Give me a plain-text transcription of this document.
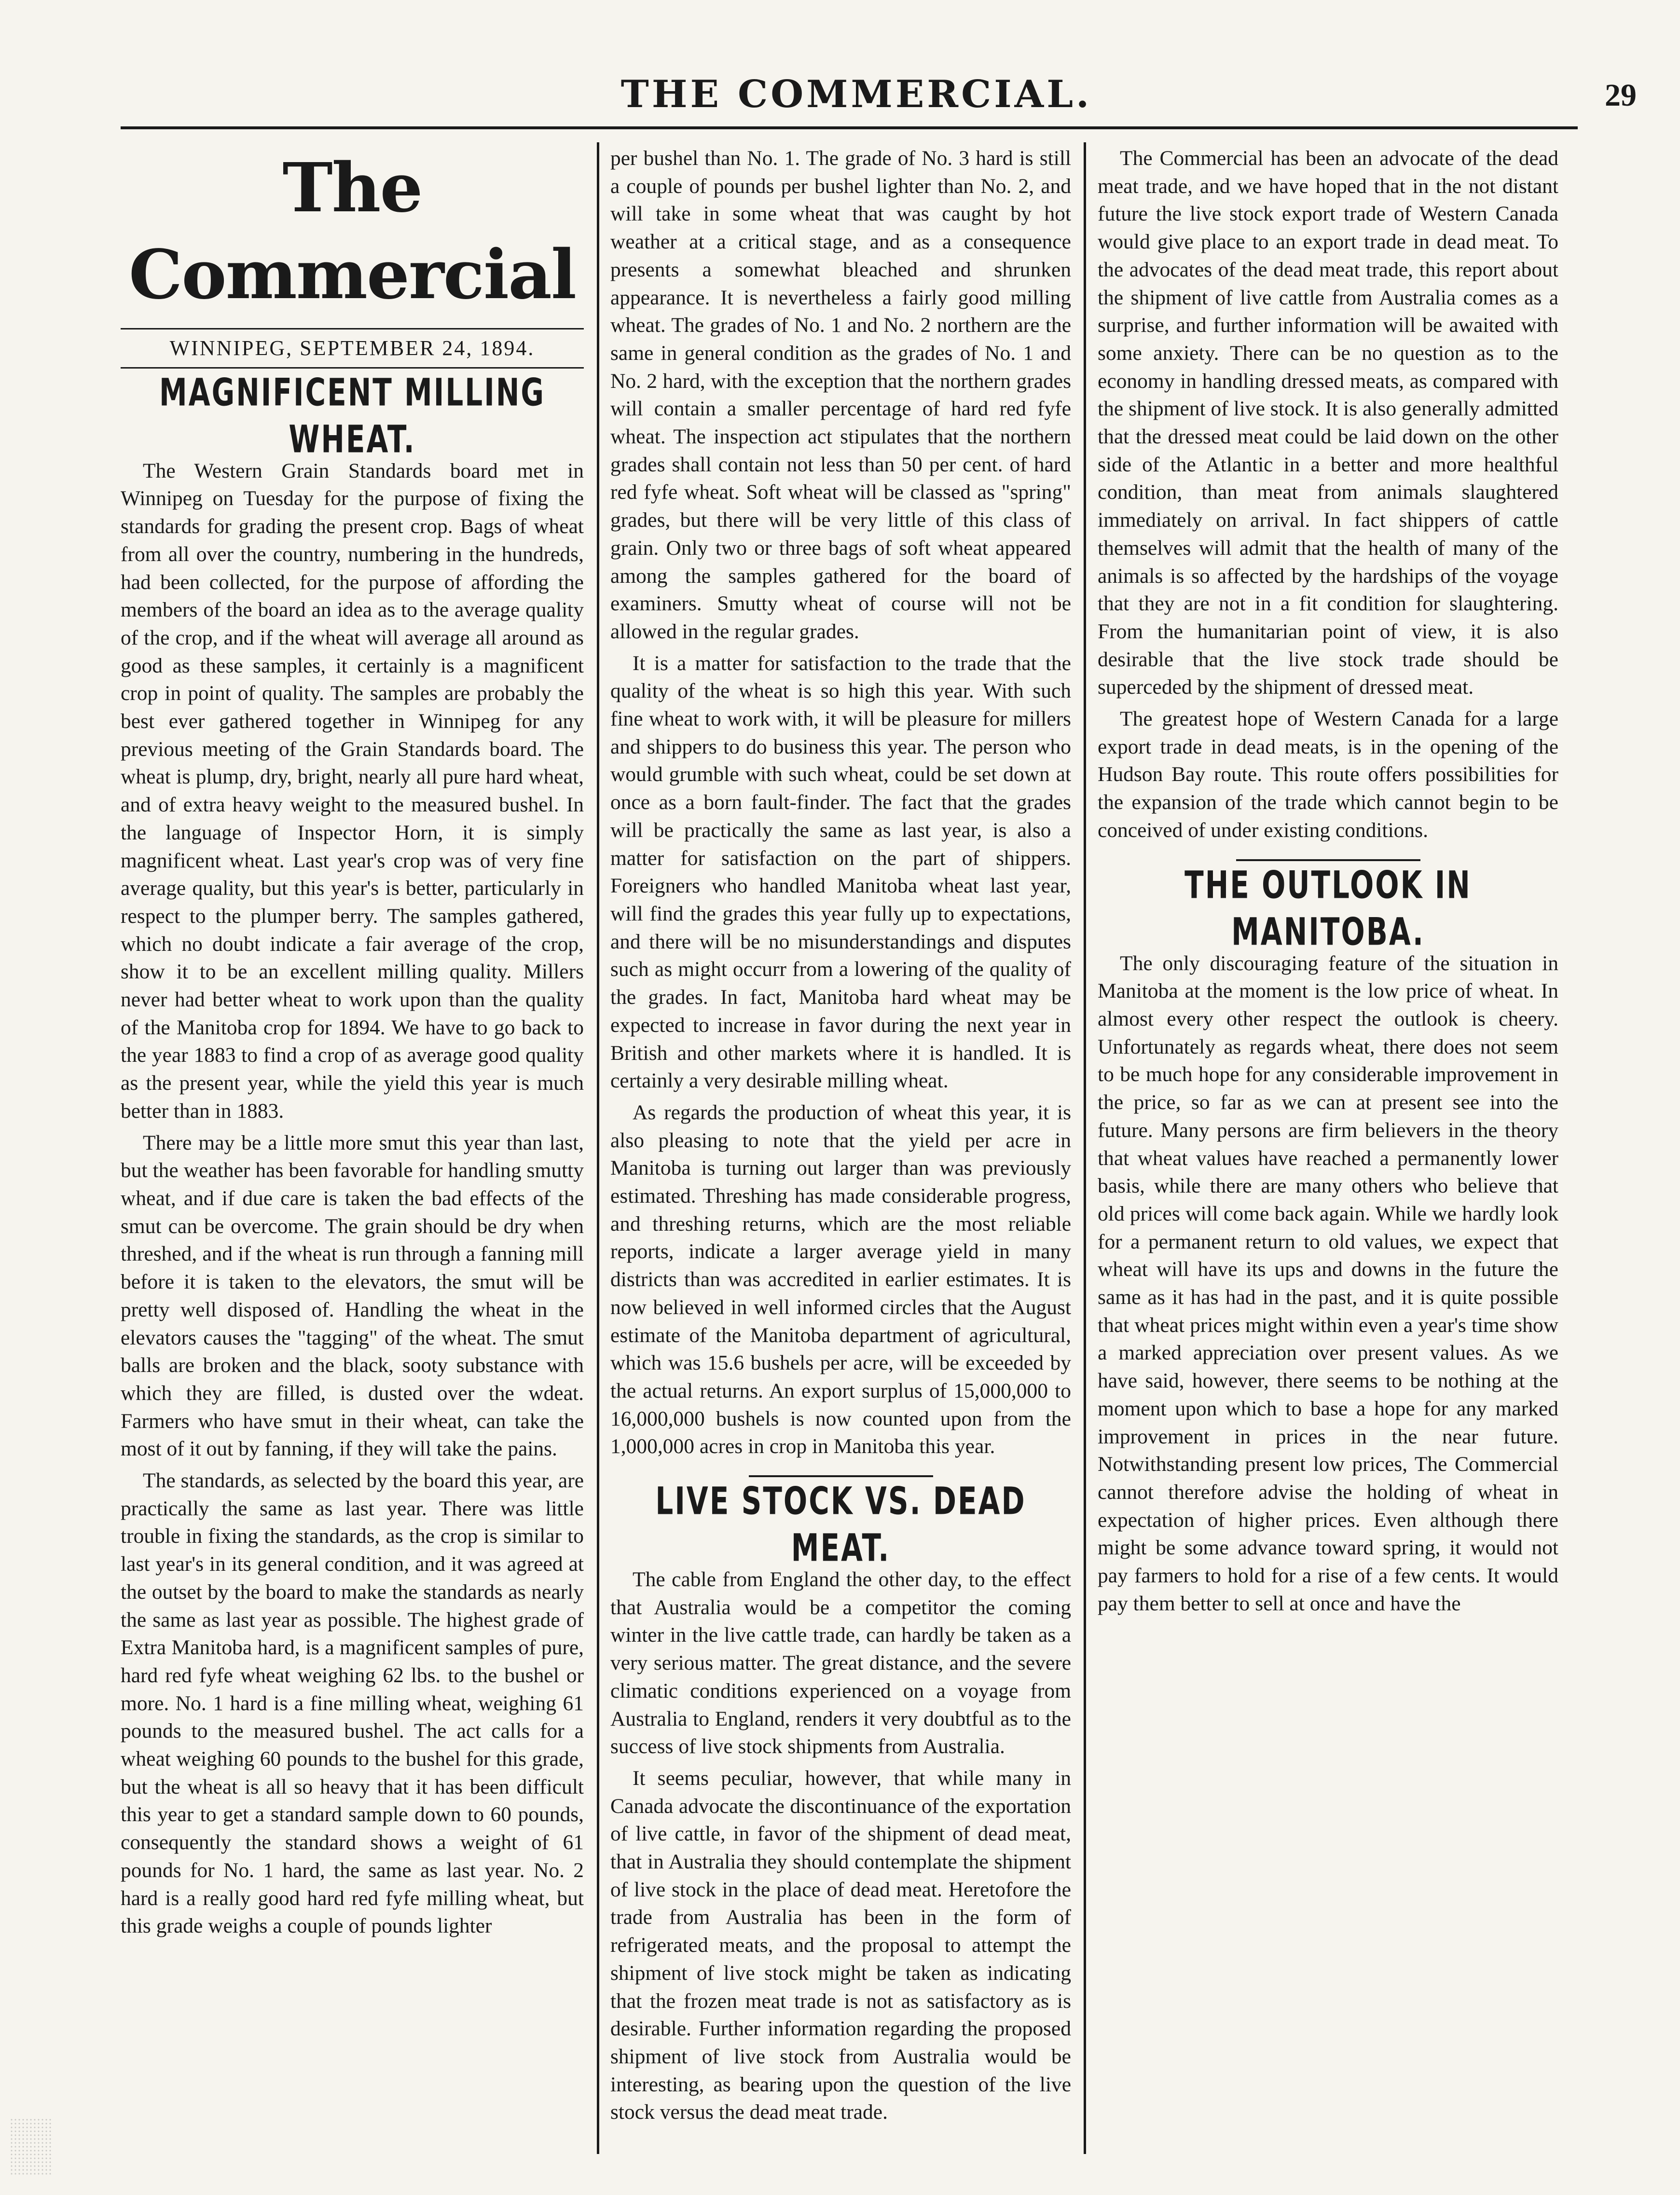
THE COMMERCIAL.	29
The Commercial
WINNIPEG, SEPTEMBER 24, 1894.
MAGNIFICENT MILLING WHEAT.

The Western Grain Standards board met in Winnipeg on Tuesday for the purpose of fixing the standards for grading the present crop. Bags of wheat from all over the country, numbering in the hundreds, had been collected, for the purpose of affording the members of the board an idea as to the average quality of the crop, and if the wheat will average all around as good as these samples, it certainly is a magnificent crop in point of quality. The samples are probably the best ever gathered together in Winnipeg for any previous meeting of the Grain Standards board. The wheat is plump, dry, bright, nearly all pure hard wheat, and of extra heavy weight to the measured bushel. In the language of Inspector Horn, it is simply magnificent wheat. Last year's crop was of very fine average quality, but this year's is better, particularly in respect to the plumper berry. The samples gathered, which no doubt indicate a fair average of the crop, show it to be an excellent milling quality. Millers never had better wheat to work upon than the quality of the Manitoba crop for 1894. We have to go back to the year 1883 to find a crop of as average good quality as the present year, while the yield this year is much better than in 1883.

There may be a little more smut this year than last, but the weather has been favorable for handling smutty wheat, and if due care is taken the bad effects of the smut can be overcome. The grain should be dry when threshed, and if the wheat is run through a fanning mill before it is taken to the elevators, the smut will be pretty well disposed of. Handling the wheat in the elevators causes the "tagging" of the wheat. The smut balls are broken and the black, sooty substance with which they are filled, is dusted over the wdeat. Farmers who have smut in their wheat, can take the most of it out by fanning, if they will take the pains.

The standards, as selected by the board this year, are practically the same as last year. There was little trouble in fixing the standards, as the crop is similar to last year's in its general condition, and it was agreed at the outset by the board to make the standards as nearly the same as last year as possible. The highest grade of Extra Manitoba hard, is a magnificent samples of pure, hard red fyfe wheat weighing 62 lbs. to the bushel or more. No. 1 hard is a fine milling wheat, weighing 61 pounds to the measured bushel. The act calls for a wheat weighing 60 pounds to the bushel for this grade, but the wheat is all so heavy that it has been difficult this year to get a standard sample down to 60 pounds, consequently the standard shows a weight of 61 pounds for No. 1 hard, the same as last year. No. 2 hard is a really good hard red fyfe milling wheat, but this grade weighs a couple of pounds lighter

per bushel than No. 1. The grade of No. 3 hard is still a couple of pounds per bushel lighter than No. 2, and will take in some wheat that was caught by hot weather at a critical stage, and as a consequence presents a somewhat bleached and shrunken appearance. It is nevertheless a fairly good milling wheat. The grades of No. 1 and No. 2 northern are the same in general condition as the grades of No. 1 and No. 2 hard, with the exception that the northern grades will contain a smaller percentage of hard red fyfe wheat. The inspection act stipulates that the northern grades shall contain not less than 50 per cent. of hard red fyfe wheat. Soft wheat will be classed as "spring" grades, but there will be very little of this class of grain. Only two or three bags of soft wheat appeared among the samples gathered for the board of examiners. Smutty wheat of course will not be allowed in the regular grades.

It is a matter for satisfaction to the trade that the quality of the wheat is so high this year. With such fine wheat to work with, it will be pleasure for millers and shippers to do business this year. The person who would grumble with such wheat, could be set down at once as a born fault-finder. The fact that the grades will be practically the same as last year, is also a matter for satisfaction on the part of shippers. Foreigners who handled Manitoba wheat last year, will find the grades this year fully up to expectations, and there will be no misunderstandings and disputes such as might occurr from a lowering of the quality of the grades. In fact, Manitoba hard wheat may be expected to increase in favor during the next year in British and other markets where it is handled. It is certainly a very desirable milling wheat.

As regards the production of wheat this year, it is also pleasing to note that the yield per acre in Manitoba is turning out larger than was previously estimated. Threshing has made considerable progress, and threshing returns, which are the most reliable reports, indicate a larger average yield in many districts than was accredited in earlier estimates. It is now believed in well informed circles that the August estimate of the Manitoba department of agricultural, which was 15.6 bushels per acre, will be exceeded by the actual returns. An export surplus of 15,000,000 to 16,000,000 bushels is now counted upon from the 1,000,000 acres in crop in Manitoba this year.

LIVE STOCK VS. DEAD MEAT.

The cable from England the other day, to the effect that Australia would be a competitor the coming winter in the live cattle trade, can hardly be taken as a very serious matter. The great distance, and the severe climatic conditions experienced on a voyage from Australia to England, renders it very doubtful as to the success of live stock shipments from Australia.

It seems peculiar, however, that while many in Canada advocate the discontinuance of the exportation of live cattle, in favor of the shipment of dead meat, that in Australia they should contemplate the shipment of live stock in the place of dead meat. Heretofore the trade from Australia has been in the form of refrigerated meats, and the proposal to attempt the shipment of live stock might be taken as indicating that the frozen meat trade is not as satisfactory as is desirable. Further information regarding the proposed shipment of live stock from Australia would be interesting, as bearing upon the question of the live stock versus the dead meat trade.

The Commercial has been an advocate of the dead meat trade, and we have hoped that in the not distant future the live stock export trade of Western Canada would give place to an export trade in dead meat. To the advocates of the dead meat trade, this report about the shipment of live cattle from Australia comes as a surprise, and further information will be awaited with some anxiety. There can be no question as to the economy in handling dressed meats, as compared with the shipment of live stock. It is also generally admitted that the dressed meat could be laid down on the other side of the Atlantic in a better and more healthful condition, than meat from animals slaughtered immediately on arrival. In fact shippers of cattle themselves will admit that the health of many of the animals is so affected by the hardships of the voyage that they are not in a fit condition for slaughtering. From the humanitarian point of view, it is also desirable that the live stock trade should be superceded by the shipment of dressed meat.

The greatest hope of Western Canada for a large export trade in dead meats, is in the opening of the Hudson Bay route. This route offers possibilities for the expansion of the trade which cannot begin to be conceived of under existing conditions.

THE OUTLOOK IN MANITOBA.

The only discouraging feature of the situation in Manitoba at the moment is the low price of wheat. In almost every other respect the outlook is cheery. Unfortunately as regards wheat, there does not seem to be much hope for any considerable improvement in the price, so far as we can at present see into the future. Many persons are firm believers in the theory that wheat values have reached a permanently lower basis, while there are many others who believe that old prices will come back again. While we hardly look for a permanent return to old values, we expect that wheat will have its ups and downs in the future the same as it has had in the past, and it is quite possible that wheat prices might within even a year's time show a marked appreciation over present values. As we have said, however, there seems to be nothing at the moment upon which to base a hope for any marked improvement in prices in the near future. Notwithstanding present low prices, The Commercial cannot therefore advise the holding of wheat in expectation of higher prices. Even although there might be some advance toward spring, it would not pay farmers to hold for a rise of a few cents. It would pay them better to sell at once and have the
